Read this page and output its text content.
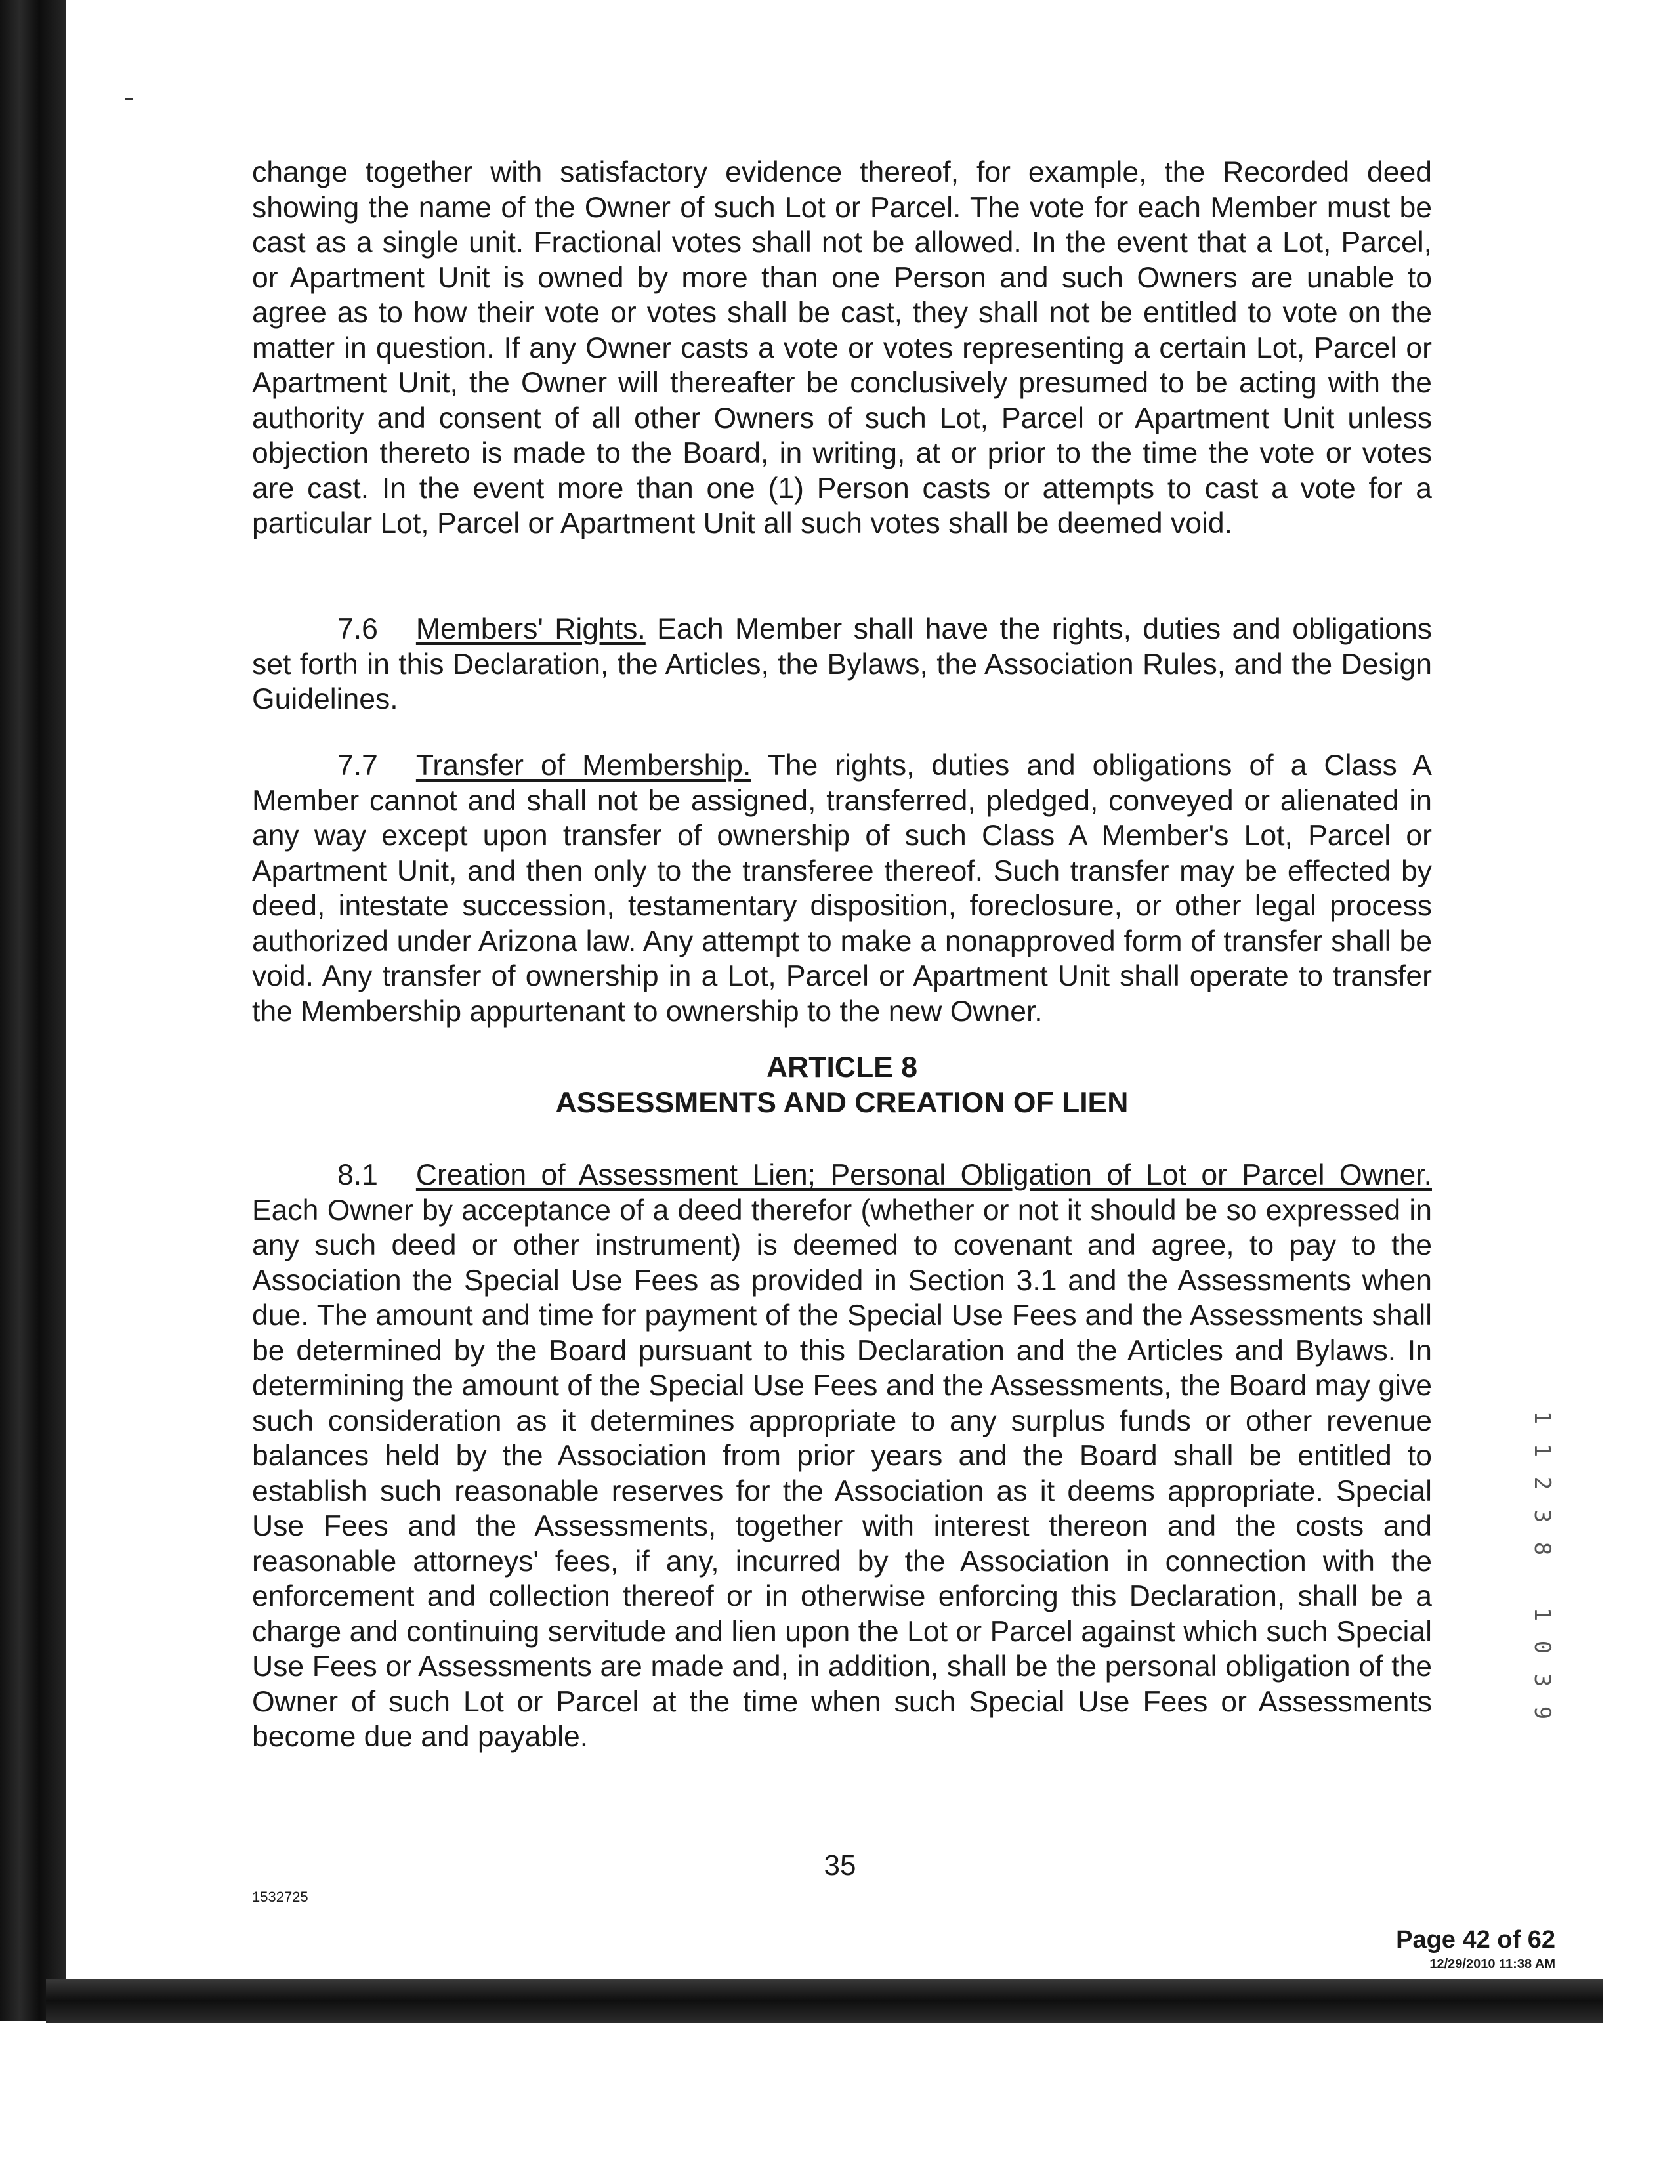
change together with satisfactory evidence thereof, for example, the Recorded deed showing the name of the Owner of such Lot or Parcel. The vote for each Member must be cast as a single unit. Fractional votes shall not be allowed. In the event that a Lot, Parcel, or Apartment Unit is owned by more than one Person and such Owners are unable to agree as to how their vote or votes shall be cast, they shall not be entitled to vote on the matter in question. If any Owner casts a vote or votes representing a certain Lot, Parcel or Apartment Unit, the Owner will thereafter be conclusively presumed to be acting with the authority and consent of all other Owners of such Lot, Parcel or Apartment Unit unless objection thereto is made to the Board, in writing, at or prior to the time the vote or votes are cast. In the event more than one (1) Person casts or attempts to cast a vote for a particular Lot, Parcel or Apartment Unit all such votes shall be deemed void.

7.6 Members' Rights. Each Member shall have the rights, duties and obligations set forth in this Declaration, the Articles, the Bylaws, the Association Rules, and the Design Guidelines.

7.7 Transfer of Membership. The rights, duties and obligations of a Class A Member cannot and shall not be assigned, transferred, pledged, conveyed or alienated in any way except upon transfer of ownership of such Class A Member's Lot, Parcel or Apartment Unit, and then only to the transferee thereof. Such transfer may be effected by deed, intestate succession, testamentary disposition, foreclosure, or other legal process authorized under Arizona law. Any attempt to make a nonapproved form of transfer shall be void. Any transfer of ownership in a Lot, Parcel or Apartment Unit shall operate to transfer the Membership appurtenant to ownership to the new Owner.

ARTICLE 8
ASSESSMENTS AND CREATION OF LIEN

8.1 Creation of Assessment Lien; Personal Obligation of Lot or Parcel Owner. Each Owner by acceptance of a deed therefor (whether or not it should be so expressed in any such deed or other instrument) is deemed to covenant and agree, to pay to the Association the Special Use Fees as provided in Section 3.1 and the Assessments when due. The amount and time for payment of the Special Use Fees and the Assessments shall be determined by the Board pursuant to this Declaration and the Articles and Bylaws. In determining the amount of the Special Use Fees and the Assessments, the Board may give such consideration as it determines appropriate to any surplus funds or other revenue balances held by the Association from prior years and the Board shall be entitled to establish such reasonable reserves for the Association as it deems appropriate. Special Use Fees and the Assessments, together with interest thereon and the costs and reasonable attorneys' fees, if any, incurred by the Association in connection with the enforcement and collection thereof or in otherwise enforcing this Declaration, shall be a charge and continuing servitude and lien upon the Lot or Parcel against which such Special Use Fees or Assessments are made and, in addition, shall be the personal obligation of the Owner of such Lot or Parcel at the time when such Special Use Fees or Assessments become due and payable.

1
1
2
3
8
1
0
3
9
35
1532725
Page 42 of 62
12/29/2010 11:38 AM
